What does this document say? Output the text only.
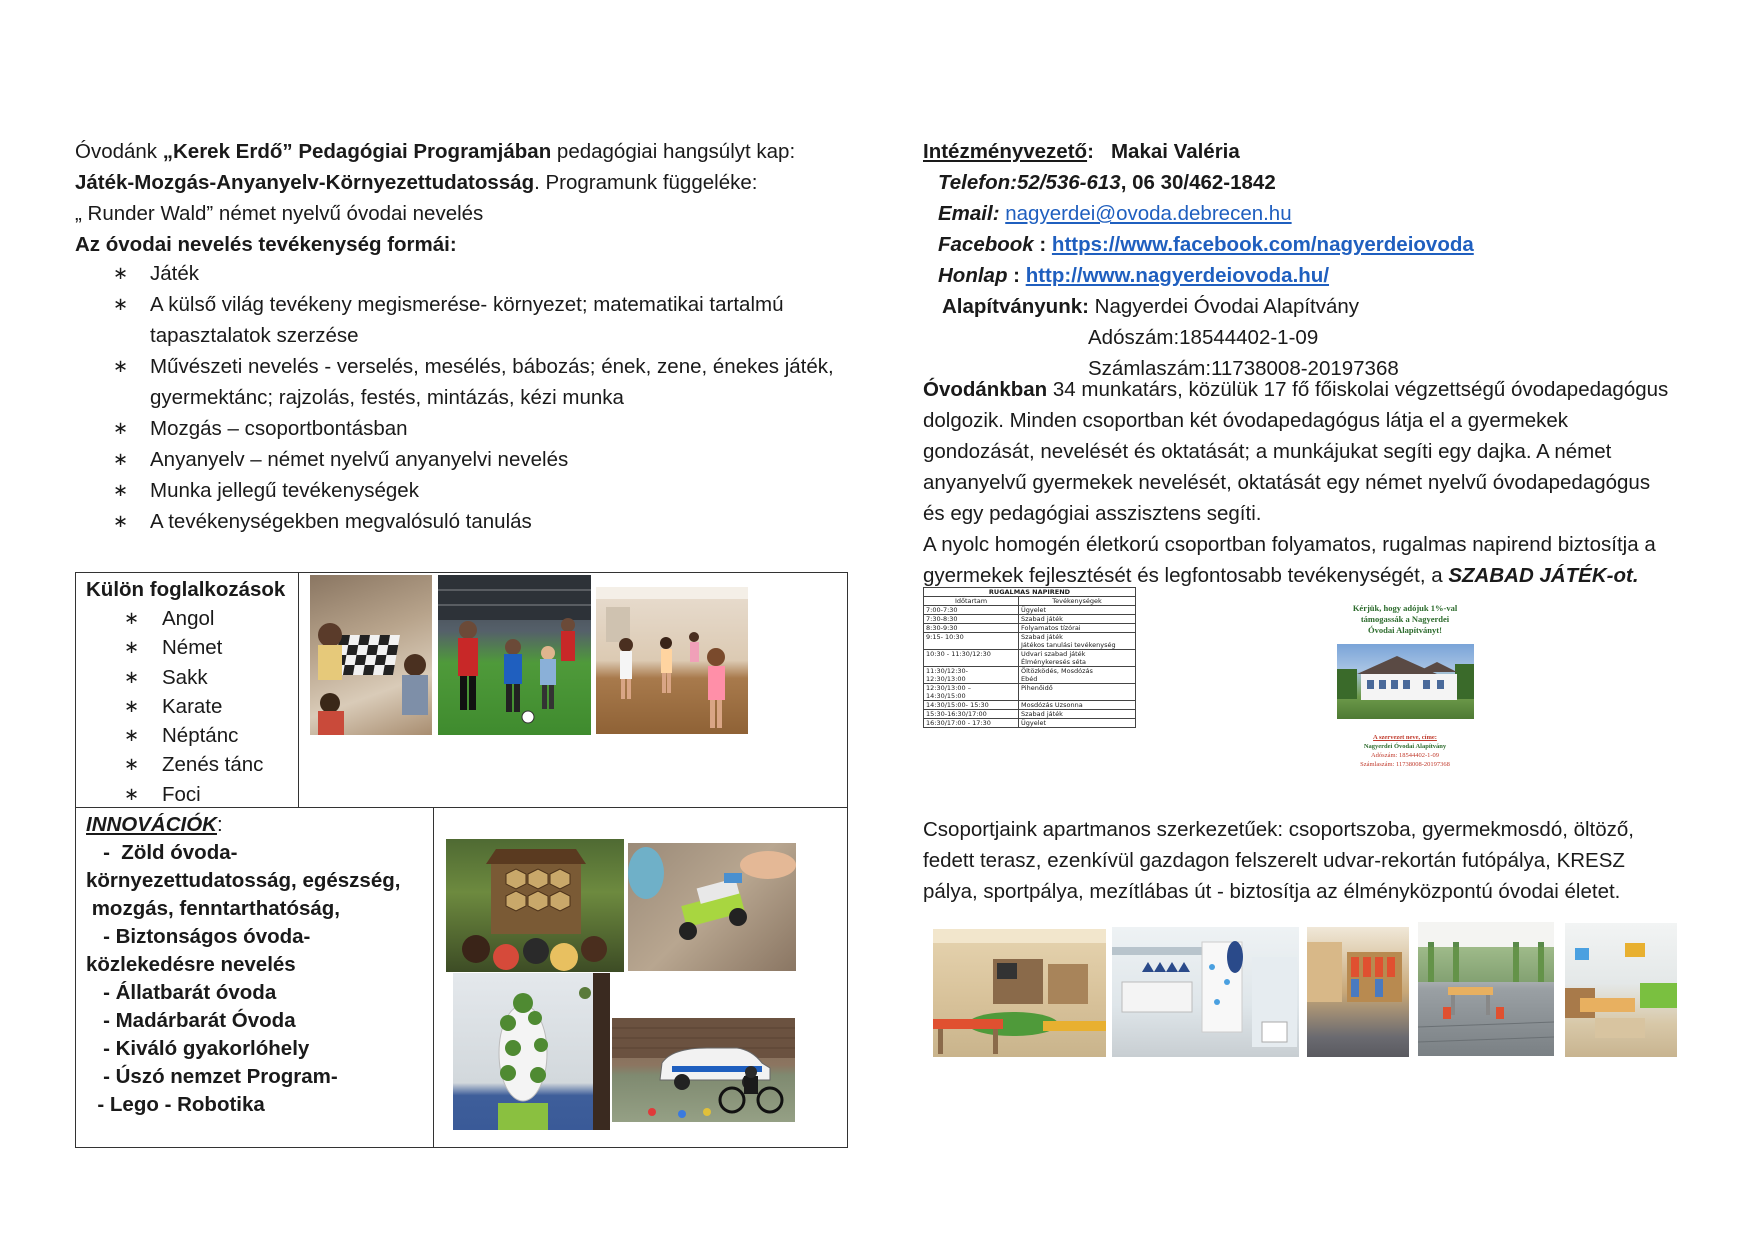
Óvodánk „Kerek Erdő” Pedagógiai Programjában pedagógiai hangsúlyt kap:
Játék-Mozgás-Anyanyelv-Környezettudatosság. Programunk függeléke:
„ Runder Wald” német nyelvű óvodai nevelés
Az óvodai nevelés tevékenység formái:
∗ Játék
∗ A külső világ tevékeny megismerése- környezet; matematikai tartalmú tapasztalatok szerzése
∗ Művészeti nevelés - verselés, mesélés, bábozás; ének, zene, énekes játék, gyermektánc; rajzolás, festés, mintázás, kézi munka
∗ Mozgás – csoportbontásban
∗ Anyanyelv – német nyelvű anyanyelvi nevelés
∗ Munka jellegű tevékenységek
∗ A tevékenységekben megvalósuló tanulás
Külön foglalkozások
∗ Angol
∗ Német
∗ Sakk
∗ Karate
∗ Néptánc
∗ Zenés tánc
∗ Foci
INNOVÁCIÓK:
-  Zöld óvoda-
környezettudatosság, egészség,
mozgás, fenntarthatóság,
- Biztonságos óvoda-
közlekedésre nevelés
- Állatbarát óvoda
- Madárbarát Óvoda
- Kiváló gyakorlóhely
- Úszó nemzet Program-
- Lego - Robotika
Intézményvezető: Makai Valéria
Telefon:52/536-613, 06 30/462-1842
Email: nagyerdei@ovoda.debrecen.hu
Facebook : https://www.facebook.com/nagyerdeiovoda
Honlap : http://www.nagyerdeiovoda.hu/
Alapítványunk: Nagyerdei Óvodai Alapítvány
Adószám:18544402-1-09
Számlaszám:11738008-20197368
Óvodánkban 34 munkatárs, közülük 17 fő főiskolai végzettségű óvodapedagógus
dolgozik. Minden csoportban két óvodapedagógus látja el a gyermekek
gondozását, nevelését és oktatását; a munkájukat segíti egy dajka. A német
anyanyelvű gyermekek nevelését, oktatását egy német nyelvű óvodapedagógus
és egy pedagógiai asszisztens segíti.
A nyolc homogén életkorú csoportban folyamatos, rugalmas napirend biztosítja a
gyermekek fejlesztését és legfontosabb tevékenységét, a SZABAD JÁTÉK-ot.
RUGALMAS NAPIREND	
Időtartam	Tevékenységek
7:00-7:30	Ügyelet
7:30-8:30	Szabad játék
8:30-9:30	Folyamatos tízórai
9:15- 10:30	Szabad játék
Játékos tanulási tevékenység
10:30 - 11:30/12:30	Udvari szabad játék
Élménykeresés séta
11:30/12:30-
12:30/13:00	Öltözködés, Mosdózás
Ebéd
12:30/13:00 –
14:30/15:00	Pihenőidő
14:30/15:00- 15:30	Mosdózás Uzsonna
15:30-16:30/17:00	Szabad játék
16:30/17:00 - 17:30	Ügyelet
Kérjük, hogy adójuk 1%-val
támogassák a Nagyerdei
Óvodai Alapítványt!
A szervezet neve, címe:
Nagyerdei Óvodai Alapítvány
Adószám: 18544402-1-09
Számlaszám: 11738008-20197368
Csoportjaink apartmanos szerkezetűek: csoportszoba, gyermekmosdó, öltöző,
fedett terasz, ezenkívül gazdagon felszerelt udvar-rekortán futópálya, KRESZ
pálya, sportpálya, mezítlábas út - biztosítja az élményközpontú óvodai életet.
